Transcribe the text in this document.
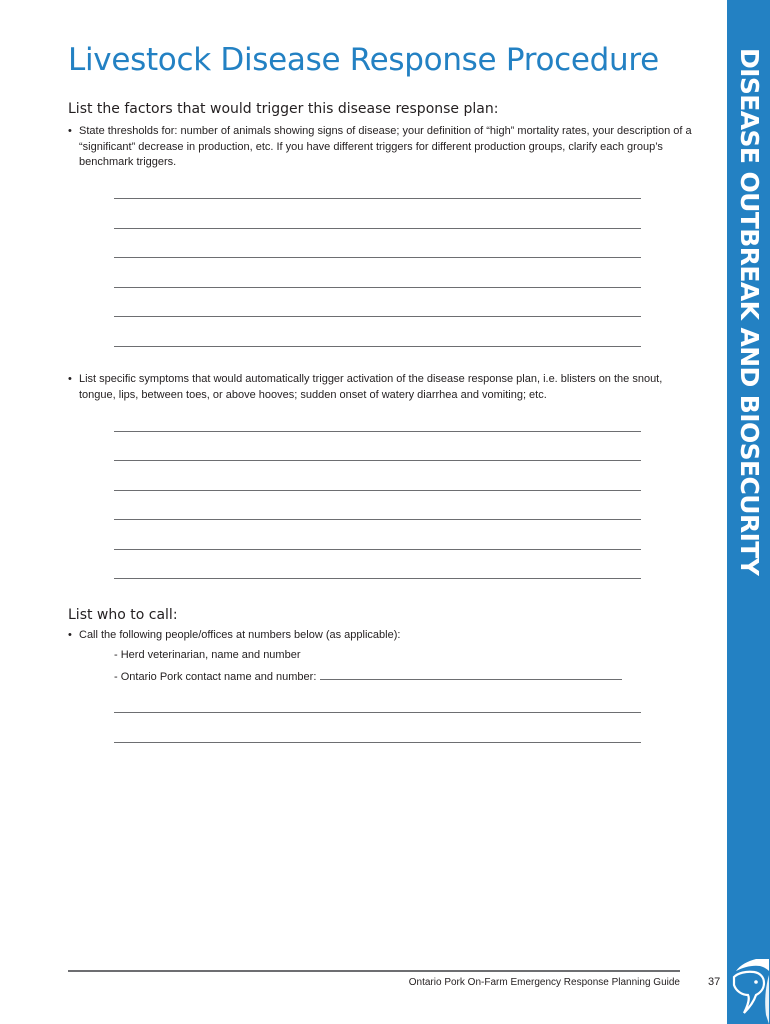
Livestock Disease Response Procedure	DISEASE OUTBREAK AND BIOSECURITY
List the factors that would trigger this disease response plan:
• State thresholds for: number of animals showing signs of disease; your definition of “high” mortality rates, your description of a “significant” decrease in production, etc. If you have different triggers for different production groups, clarify each group’s benchmark triggers.
• List specific symptoms that would automatically trigger activation of the disease response plan, i.e. blisters on the snout, tongue, lips, between toes, or above hooves; sudden onset of watery diarrhea and vomiting; etc.
List who to call:
• Call the following people/offices at numbers below (as applicable):
- Herd veterinarian, name and number
- Ontario Pork contact name and number:
Ontario Pork On-Farm Emergency Response Planning Guide	37
